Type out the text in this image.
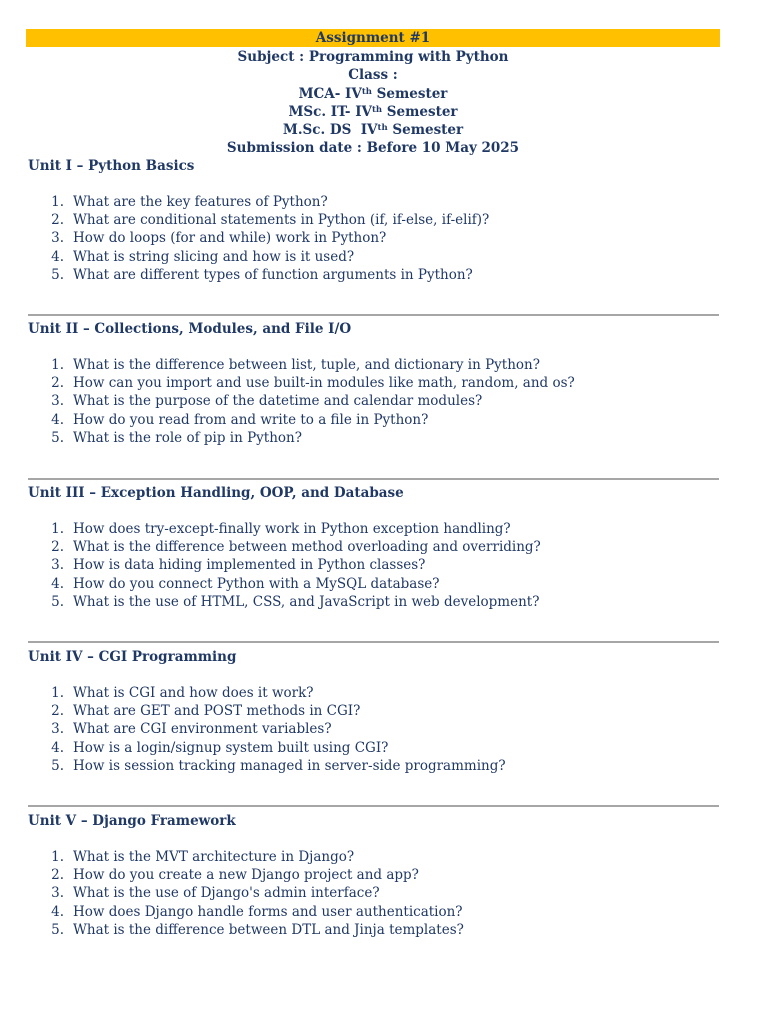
Assignment #1
Subject : Programming with Python
Class :
MCA- IVth Semester
MSc. IT- IVth Semester
M.Sc. DS  IVth Semester
Submission date : Before 10 May 2025
Unit I – Python Basics
1. What are the key features of Python?
2. What are conditional statements in Python (if, if-else, if-elif)?
3. How do loops (for and while) work in Python?
4. What is string slicing and how is it used?
5. What are different types of function arguments in Python?
Unit II – Collections, Modules, and File I/O
1. What is the difference between list, tuple, and dictionary in Python?
2. How can you import and use built-in modules like math, random, and os?
3. What is the purpose of the datetime and calendar modules?
4. How do you read from and write to a file in Python?
5. What is the role of pip in Python?
Unit III – Exception Handling, OOP, and Database
1. How does try-except-finally work in Python exception handling?
2. What is the difference between method overloading and overriding?
3. How is data hiding implemented in Python classes?
4. How do you connect Python with a MySQL database?
5. What is the use of HTML, CSS, and JavaScript in web development?
Unit IV – CGI Programming
1. What is CGI and how does it work?
2. What are GET and POST methods in CGI?
3. What are CGI environment variables?
4. How is a login/signup system built using CGI?
5. How is session tracking managed in server-side programming?
Unit V – Django Framework
1. What is the MVT architecture in Django?
2. How do you create a new Django project and app?
3. What is the use of Django's admin interface?
4. How does Django handle forms and user authentication?
5. What is the difference between DTL and Jinja templates?
